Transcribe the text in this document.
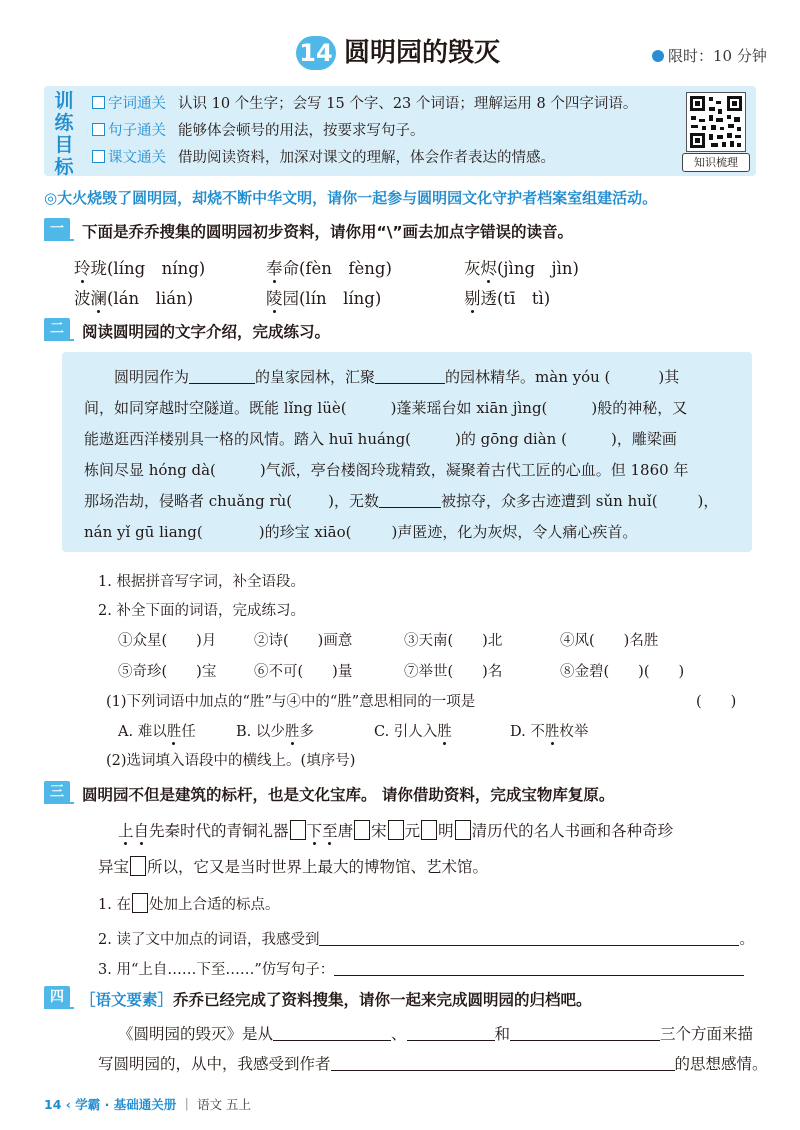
14 圆明园的毁灭	限时：10 分钟
训
练
目
标
字词通关 认识 10 个生字；会写 15 个字、23 个词语；理解运用 8 个四字词语。
句子通关 能够体会顿号的用法，按要求写句子。
课文通关 借助阅读资料，加深对课文的理解，体会作者表达的情感。	知识梳理
◎大火烧毁了圆明园，却烧不断中华文明，请你一起参与圆明园文化守护者档案室组建活动。
一	下面是乔乔搜集的圆明园初步资料，请你用“\”画去加点字错误的读音。
玲珑(líng　níng)	奉命(fèn　fèng)	灰烬(jìng　jìn)
波澜(lán　lián)	陵园(lín　líng)	剔透(tī　tì)
二	阅读圆明园的文字介绍，完成练习。
　　圆明园作为	的皇家园林，汇聚	的园林精华。màn yóu (	)其
间，如同穿越时空隧道。既能 lǐng lüè(	)蓬莱瑶台如 xiān jìng(	)般的神秘，又
能遨逛西洋楼别具一格的风情。踏入 huī huáng(	)的 gōng diàn (	)，雕梁画
栋间尽显 hóng dà(	)气派，亭台楼阁玲珑精致，凝聚着古代工匠的心血。但 1860 年
那场浩劫，侵略者 chuǎng rù( )，无数	被掠夺，众多古迹遭到 sǔn huǐ(	)，
nán yǐ gū liang(	)的珍宝 xiāo(	)声匿迹，化为灰烬，令人痛心疾首。
1. 根据拼音写字词，补全语段。
2. 补全下面的词语，完成练习。
①众星(　　)月	②诗(　　)画意	③天南(　　)北	④风(　　)名胜
⑤奇珍(　　)宝	⑥不可(　　)量	⑦举世(　　)名	⑧金碧(　　)(　　)
(1)下列词语中加点的“胜”与④中的“胜”意思相同的一项是	(　　)
A. 难以胜任	B. 以少胜多	C. 引人入胜	D. 不胜枚举
(2)选词填入语段中的横线上。(填序号)
三	圆明园不但是建筑的标杆，也是文化宝库。 请你借助资料，完成宝物库复原。
上自先秦时代的青铜礼器 下至唐 宋 元 明 清历代的名人书画和各种奇珍
异宝 所以，它又是当时世界上最大的博物馆、艺术馆。
1. 在 处加上合适的标点。
2. 读了文中加点的词语，我感受到	。
3. 用“上自……下至……”仿写句子：
四	［语文要素］乔乔已经完成了资料搜集，请你一起来完成圆明园的归档吧。
《圆明园的毁灭》是从	、	和	三个方面来描
写圆明园的，从中，我感受到作者	的思想感情。
14 ‹ 学霸 · 基础通关册 ｜ 语文 五上
